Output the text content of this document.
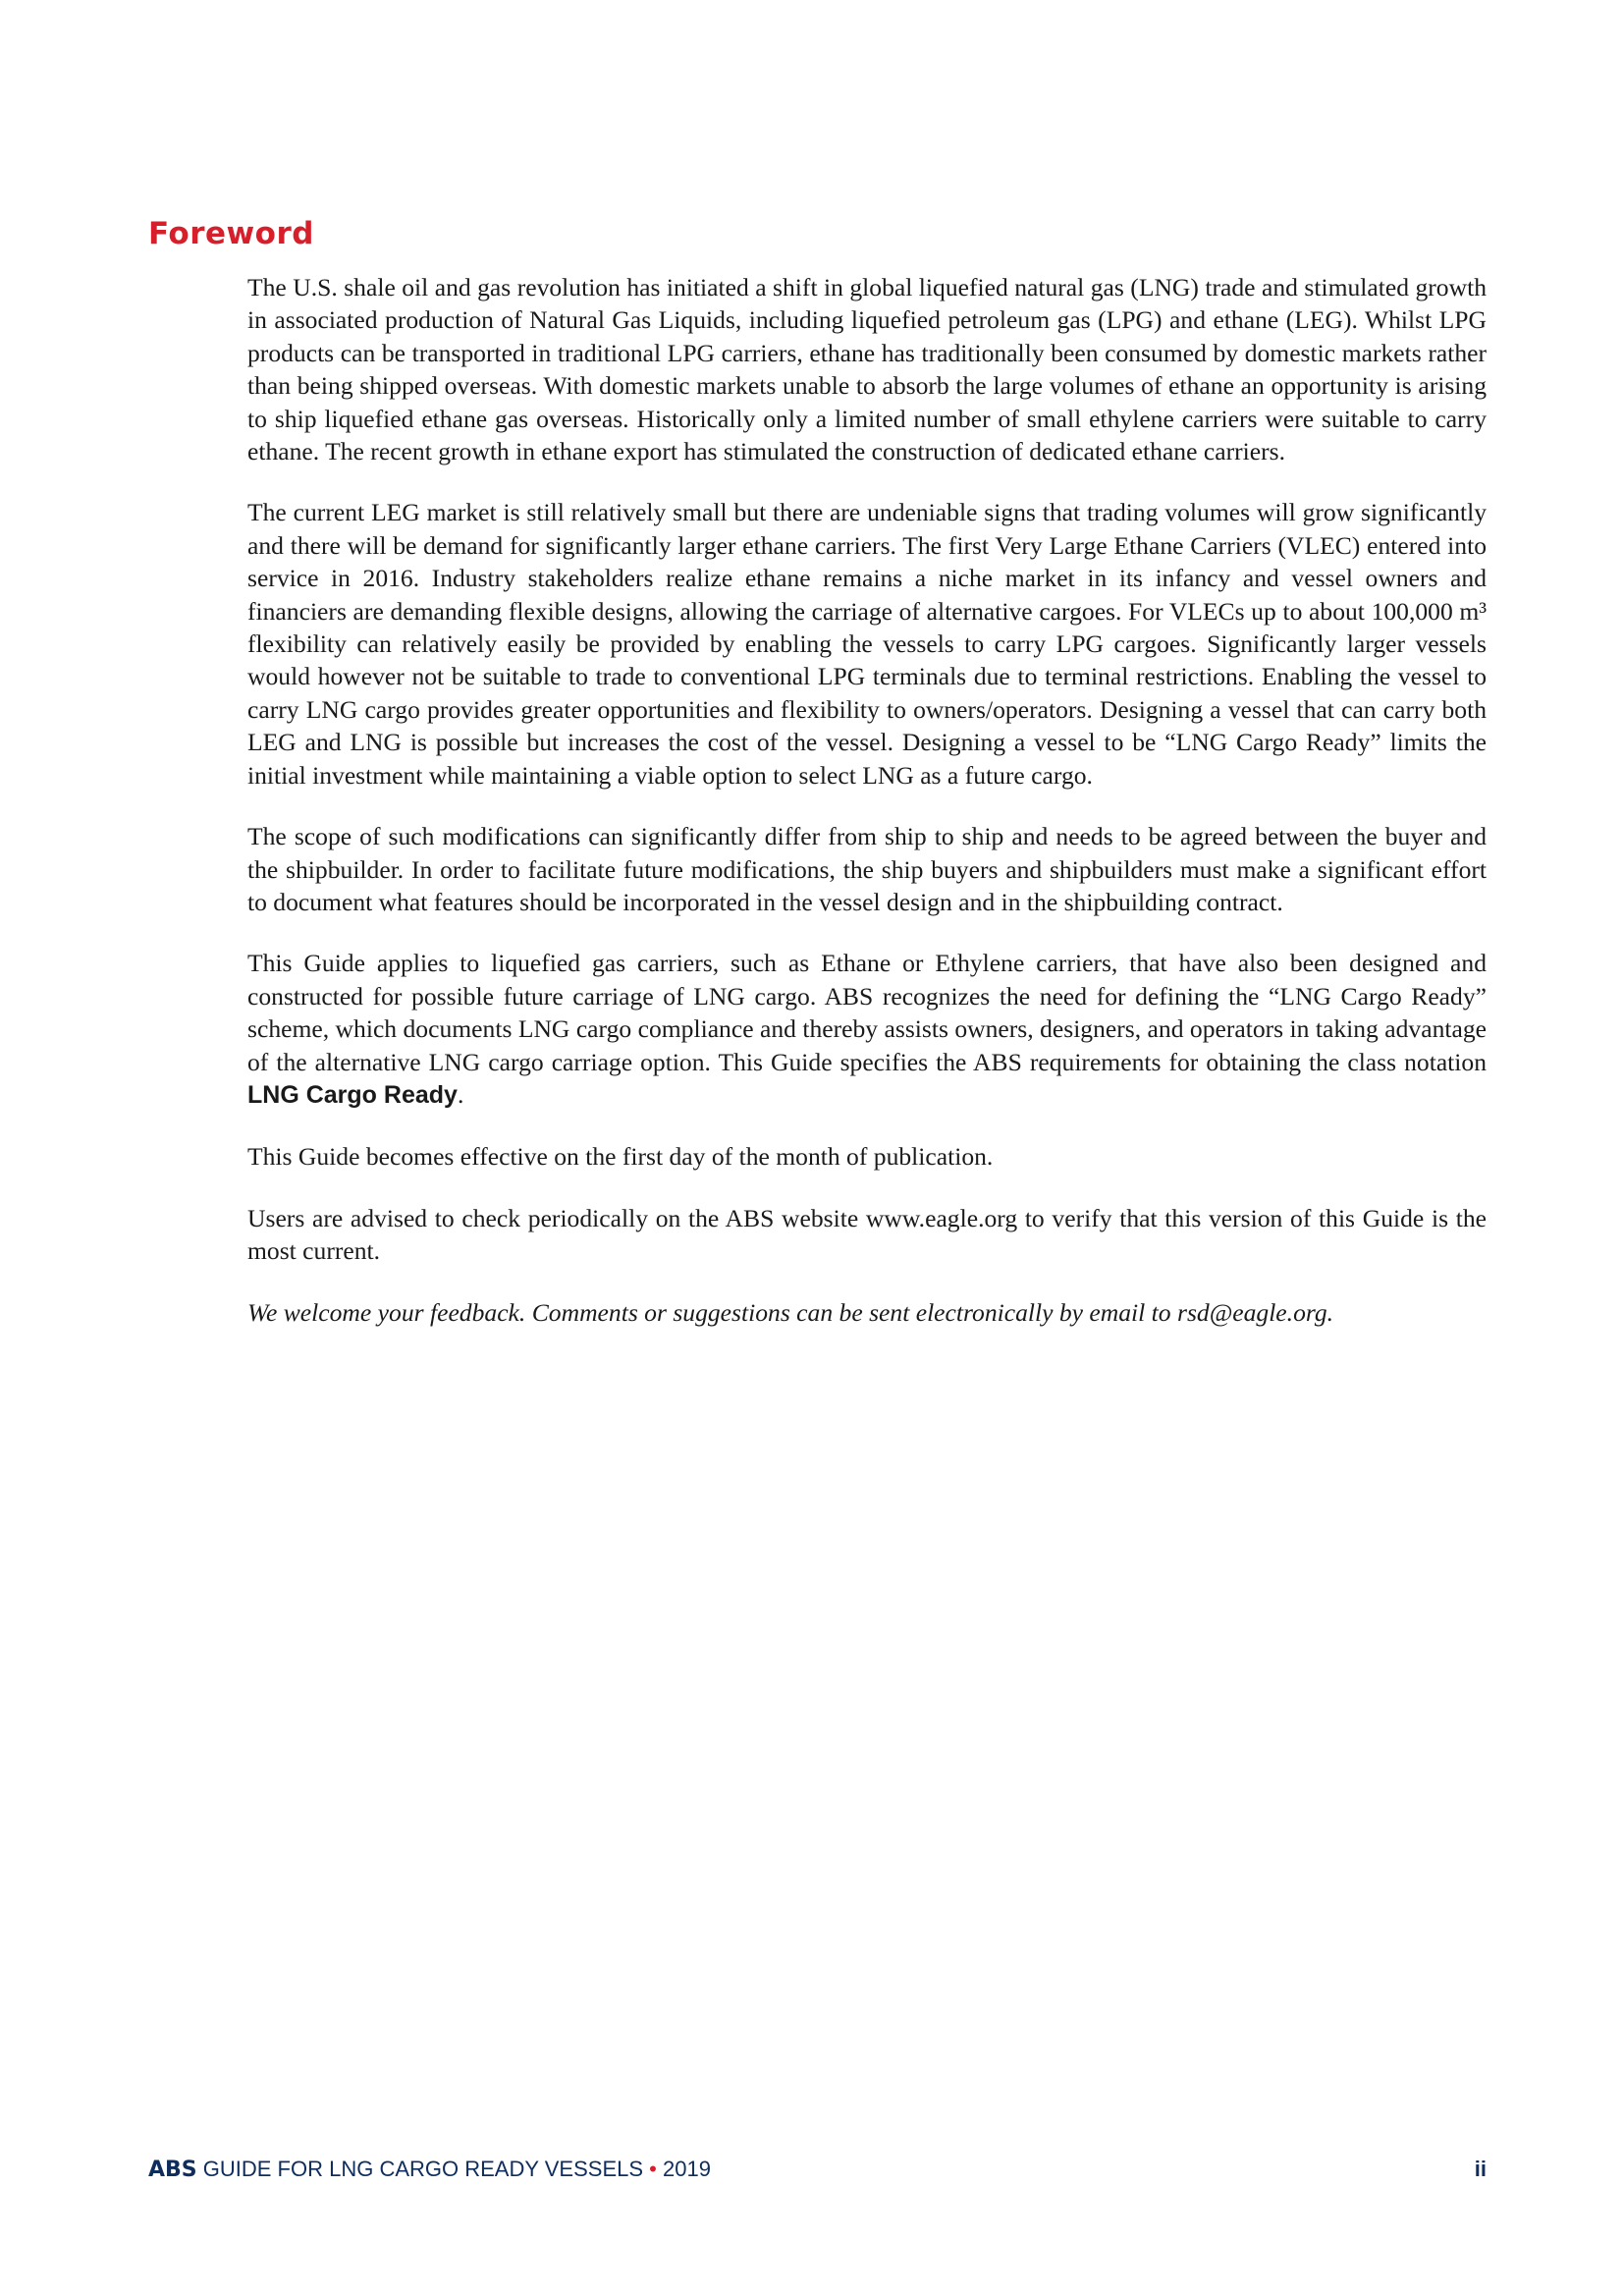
Foreword

The U.S. shale oil and gas revolution has initiated a shift in global liquefied natural gas (LNG) trade and stimulated growth in associated production of Natural Gas Liquids, including liquefied petroleum gas (LPG) and ethane (LEG). Whilst LPG products can be transported in traditional LPG carriers, ethane has traditionally been consumed by domestic markets rather than being shipped overseas. With domestic markets unable to absorb the large volumes of ethane an opportunity is arising to ship liquefied ethane gas overseas. Historically only a limited number of small ethylene carriers were suitable to carry ethane. The recent growth in ethane export has stimulated the construction of dedicated ethane carriers.

The current LEG market is still relatively small but there are undeniable signs that trading volumes will grow significantly and there will be demand for significantly larger ethane carriers. The first Very Large Ethane Carriers (VLEC) entered into service in 2016. Industry stakeholders realize ethane remains a niche market in its infancy and vessel owners and financiers are demanding flexible designs, allowing the carriage of alternative cargoes. For VLECs up to about 100,000 m³ flexibility can relatively easily be provided by enabling the vessels to carry LPG cargoes. Significantly larger vessels would however not be suitable to trade to conventional LPG terminals due to terminal restrictions. Enabling the vessel to carry LNG cargo provides greater opportunities and flexibility to owners/operators. Designing a vessel that can carry both LEG and LNG is possible but increases the cost of the vessel. Designing a vessel to be “LNG Cargo Ready” limits the initial investment while maintaining a viable option to select LNG as a future cargo.

The scope of such modifications can significantly differ from ship to ship and needs to be agreed between the buyer and the shipbuilder. In order to facilitate future modifications, the ship buyers and shipbuilders must make a significant effort to document what features should be incorporated in the vessel design and in the shipbuilding contract.

This Guide applies to liquefied gas carriers, such as Ethane or Ethylene carriers, that have also been designed and constructed for possible future carriage of LNG cargo. ABS recognizes the need for defining the “LNG Cargo Ready” scheme, which documents LNG cargo compliance and thereby assists owners, designers, and operators in taking advantage of the alternative LNG cargo carriage option. This Guide specifies the ABS requirements for obtaining the class notation LNG Cargo Ready.

This Guide becomes effective on the first day of the month of publication.

Users are advised to check periodically on the ABS website www.eagle.org to verify that this version of this Guide is the most current.

We welcome your feedback. Comments or suggestions can be sent electronically by email to rsd@eagle.org.

ABS GUIDE FOR LNG CARGO READY VESSELS • 2019	ii
